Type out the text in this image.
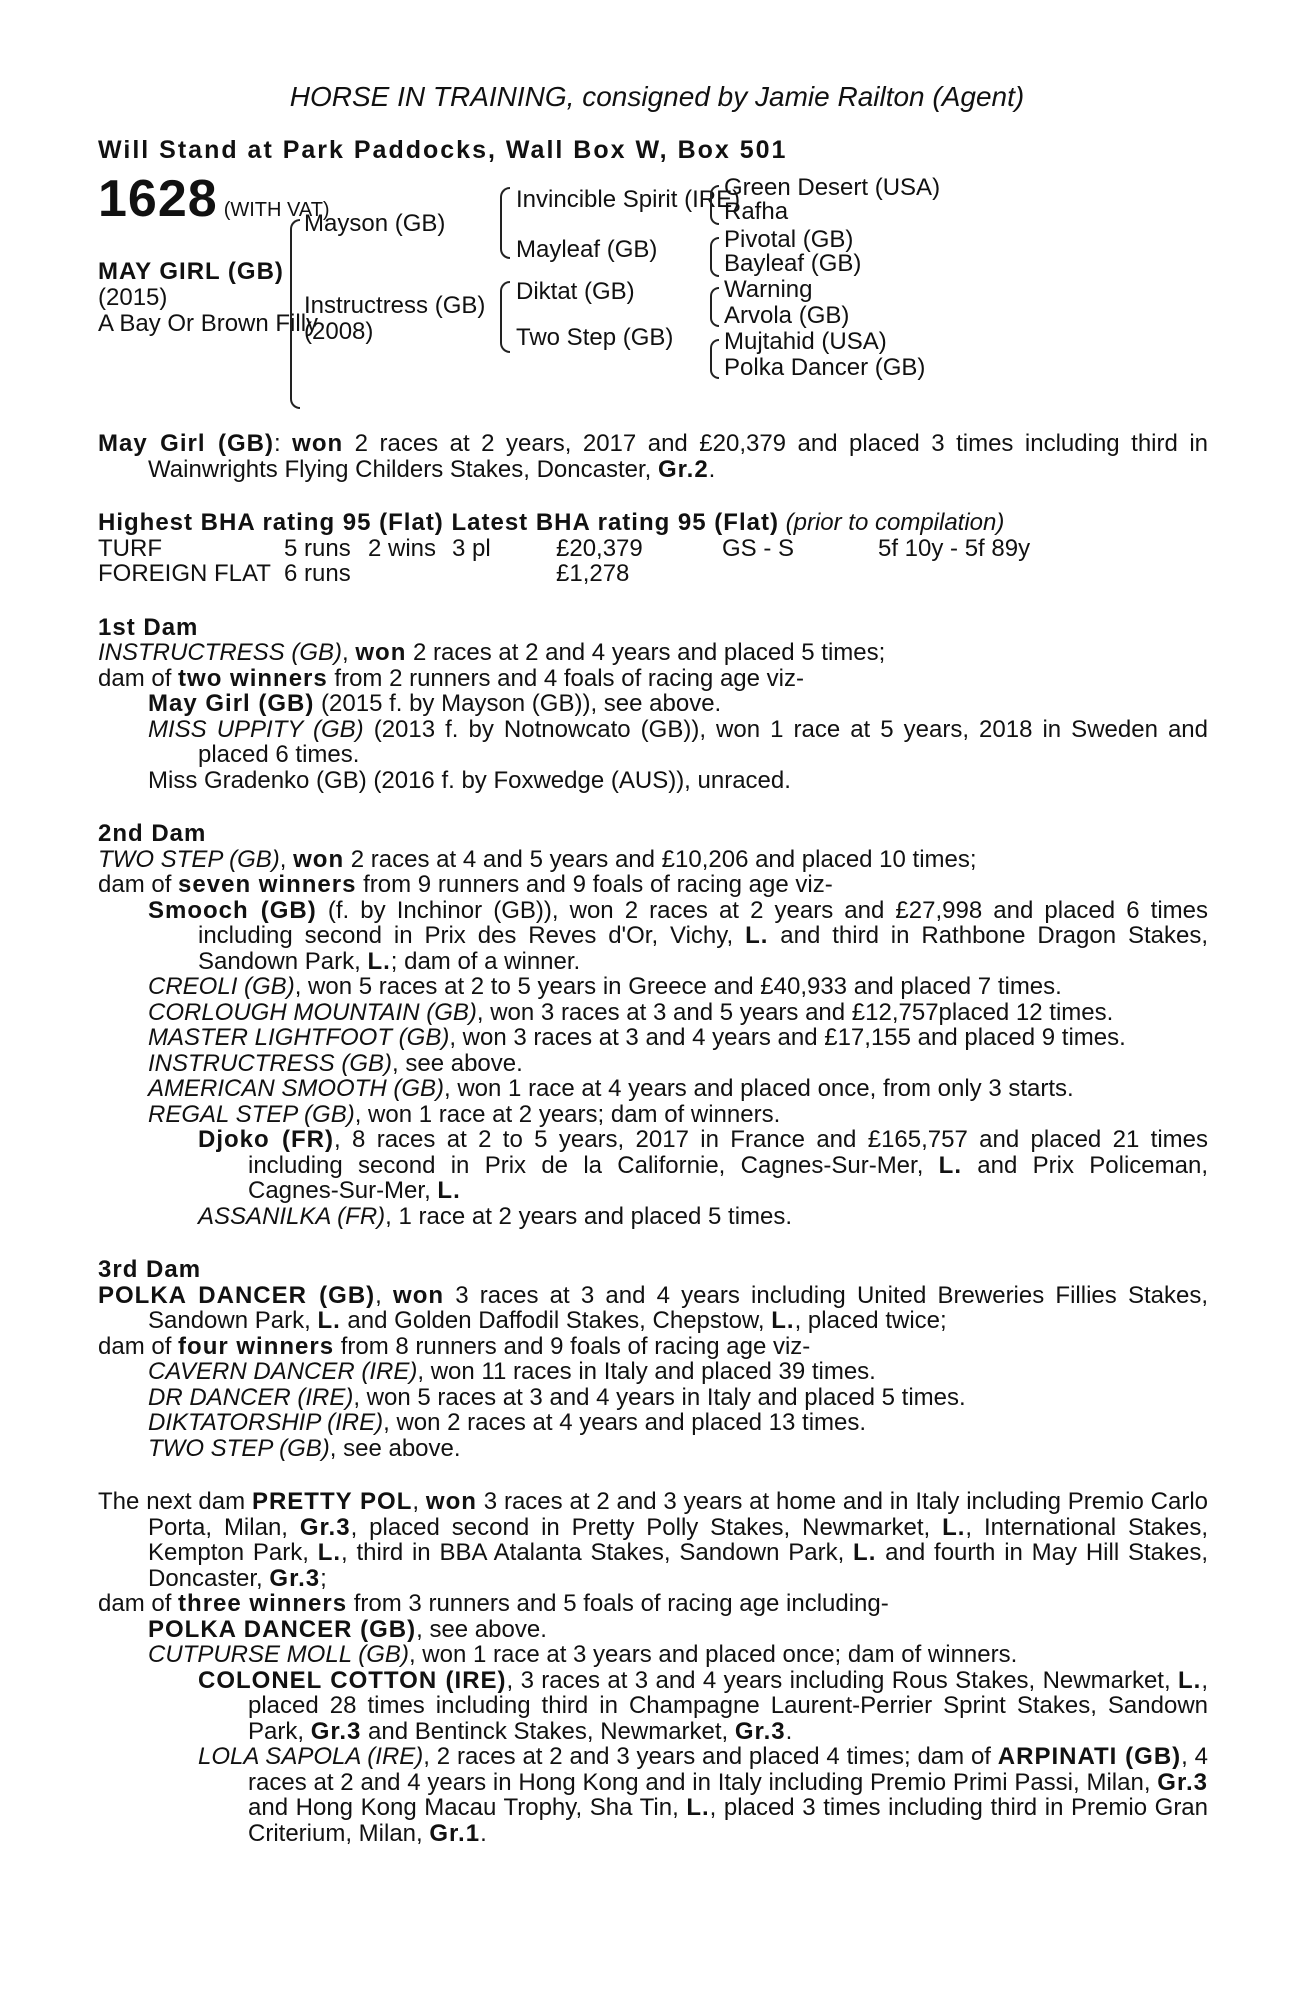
HORSE IN TRAINING, consigned by Jamie Railton (Agent)
Will Stand at Park Paddocks, Wall Box W, Box 501
1628 (WITH VAT)
MAY GIRL (GB)
(2015)
A Bay Or Brown Filly
Mayson (GB)
Instructress (GB)
(2008)
Invincible Spirit (IRE)
Mayleaf (GB)
Diktat (GB)
Two Step (GB)
Green Desert (USA)
Rafha
Pivotal (GB)
Bayleaf (GB)
Warning
Arvola (GB)
Mujtahid (USA)
Polka Dancer (GB)
May Girl (GB): won 2 races at 2 years, 2017 and £20,379 and placed 3 times including third in Wainwrights Flying Childers Stakes, Doncaster, Gr.2.
Highest BHA rating 95 (Flat) Latest BHA rating 95 (Flat) (prior to compilation)
TURF	5 runs 2 wins 3 pl	£20,379	GS - S	5f 10y - 5f 89y
FOREIGN FLAT 6 runs	£1,278
1st Dam
INSTRUCTRESS (GB), won 2 races at 2 and 4 years and placed 5 times;
dam of two winners from 2 runners and 4 foals of racing age viz-
May Girl (GB) (2015 f. by Mayson (GB)), see above.
MISS UPPITY (GB) (2013 f. by Notnowcato (GB)), won 1 race at 5 years, 2018 in Sweden and placed 6 times.
Miss Gradenko (GB) (2016 f. by Foxwedge (AUS)), unraced.
2nd Dam
TWO STEP (GB), won 2 races at 4 and 5 years and £10,206 and placed 10 times;
dam of seven winners from 9 runners and 9 foals of racing age viz-
Smooch (GB) (f. by Inchinor (GB)), won 2 races at 2 years and £27,998 and placed 6 times including second in Prix des Reves d'Or, Vichy, L. and third in Rathbone Dragon Stakes, Sandown Park, L.; dam of a winner.
CREOLI (GB), won 5 races at 2 to 5 years in Greece and £40,933 and placed 7 times.
CORLOUGH MOUNTAIN (GB), won 3 races at 3 and 5 years and £12,757placed 12 times.
MASTER LIGHTFOOT (GB), won 3 races at 3 and 4 years and £17,155 and placed 9 times.
INSTRUCTRESS (GB), see above.
AMERICAN SMOOTH (GB), won 1 race at 4 years and placed once, from only 3 starts.
REGAL STEP (GB), won 1 race at 2 years; dam of winners.
Djoko (FR), 8 races at 2 to 5 years, 2017 in France and £165,757 and placed 21 times including second in Prix de la Californie, Cagnes-Sur-Mer, L. and Prix Policeman, Cagnes-Sur-Mer, L.
ASSANILKA (FR), 1 race at 2 years and placed 5 times.
3rd Dam
POLKA DANCER (GB), won 3 races at 3 and 4 years including United Breweries Fillies Stakes, Sandown Park, L. and Golden Daffodil Stakes, Chepstow, L., placed twice;
dam of four winners from 8 runners and 9 foals of racing age viz-
CAVERN DANCER (IRE), won 11 races in Italy and placed 39 times.
DR DANCER (IRE), won 5 races at 3 and 4 years in Italy and placed 5 times.
DIKTATORSHIP (IRE), won 2 races at 4 years and placed 13 times.
TWO STEP (GB), see above.
The next dam PRETTY POL, won 3 races at 2 and 3 years at home and in Italy including Premio Carlo Porta, Milan, Gr.3, placed second in Pretty Polly Stakes, Newmarket, L., International Stakes, Kempton Park, L., third in BBA Atalanta Stakes, Sandown Park, L. and fourth in May Hill Stakes, Doncaster, Gr.3;
dam of three winners from 3 runners and 5 foals of racing age including-
POLKA DANCER (GB), see above.
CUTPURSE MOLL (GB), won 1 race at 3 years and placed once; dam of winners.
COLONEL COTTON (IRE), 3 races at 3 and 4 years including Rous Stakes, Newmarket, L., placed 28 times including third in Champagne Laurent-Perrier Sprint Stakes, Sandown Park, Gr.3 and Bentinck Stakes, Newmarket, Gr.3.
LOLA SAPOLA (IRE), 2 races at 2 and 3 years and placed 4 times; dam of ARPINATI (GB), 4 races at 2 and 4 years in Hong Kong and in Italy including Premio Primi Passi, Milan, Gr.3 and Hong Kong Macau Trophy, Sha Tin, L., placed 3 times including third in Premio Gran Criterium, Milan, Gr.1.
